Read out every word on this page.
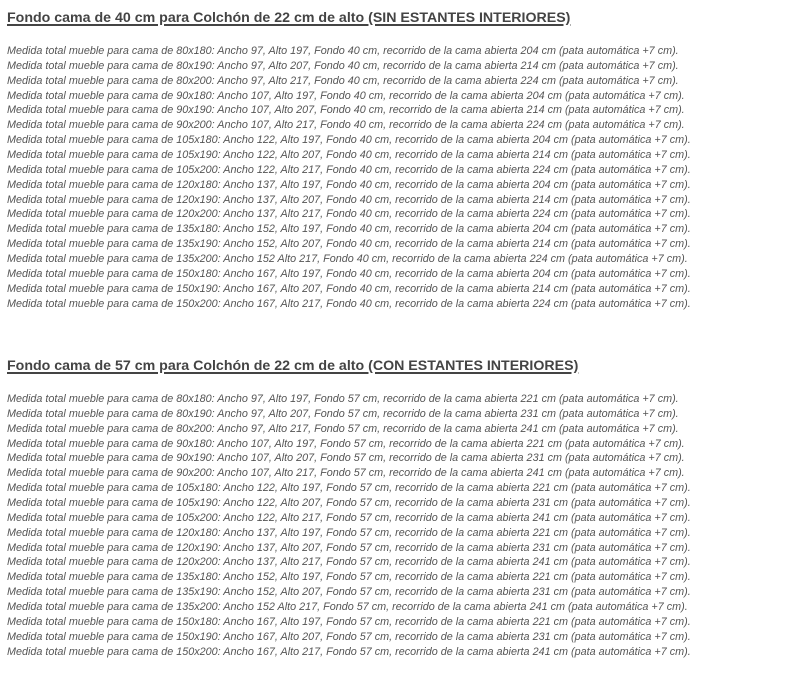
Fondo cama de 40 cm para Colchón de 22 cm de alto (SIN ESTANTES INTERIORES)

Medida total mueble para cama de 80x180: Ancho 97, Alto 197, Fondo 40 cm, recorrido de la cama abierta 204 cm (pata automática +7 cm).

Medida total mueble para cama de 80x190: Ancho 97, Alto 207, Fondo 40 cm, recorrido de la cama abierta 214 cm (pata automática +7 cm).

Medida total mueble para cama de 80x200: Ancho 97, Alto 217, Fondo 40 cm, recorrido de la cama abierta 224 cm (pata automática +7 cm).

Medida total mueble para cama de 90x180: Ancho 107, Alto 197, Fondo 40 cm, recorrido de la cama abierta 204 cm (pata automática +7 cm).

Medida total mueble para cama de 90x190: Ancho 107, Alto 207, Fondo 40 cm, recorrido de la cama abierta 214 cm (pata automática +7 cm).

Medida total mueble para cama de 90x200: Ancho 107, Alto 217, Fondo 40 cm, recorrido de la cama abierta 224 cm (pata automática +7 cm).

Medida total mueble para cama de 105x180: Ancho 122, Alto 197, Fondo 40 cm, recorrido de la cama abierta 204 cm (pata automática +7 cm).

Medida total mueble para cama de 105x190: Ancho 122, Alto 207, Fondo 40 cm, recorrido de la cama abierta 214 cm (pata automática +7 cm).

Medida total mueble para cama de 105x200: Ancho 122, Alto 217, Fondo 40 cm, recorrido de la cama abierta 224 cm (pata automática +7 cm).

Medida total mueble para cama de 120x180: Ancho 137, Alto 197, Fondo 40 cm, recorrido de la cama abierta 204 cm (pata automática +7 cm).

Medida total mueble para cama de 120x190: Ancho 137, Alto 207, Fondo 40 cm, recorrido de la cama abierta 214 cm (pata automática +7 cm).

Medida total mueble para cama de 120x200: Ancho 137, Alto 217, Fondo 40 cm, recorrido de la cama abierta 224 cm (pata automática +7 cm).

Medida total mueble para cama de 135x180: Ancho 152, Alto 197, Fondo 40 cm, recorrido de la cama abierta 204 cm (pata automática +7 cm).

Medida total mueble para cama de 135x190: Ancho 152, Alto 207, Fondo 40 cm, recorrido de la cama abierta 214 cm (pata automática +7 cm).

Medida total mueble para cama de 135x200: Ancho 152 Alto 217, Fondo 40 cm, recorrido de la cama abierta 224 cm (pata automática +7 cm).

Medida total mueble para cama de 150x180: Ancho 167, Alto 197, Fondo 40 cm, recorrido de la cama abierta 204 cm (pata automática +7 cm).

Medida total mueble para cama de 150x190: Ancho 167, Alto 207, Fondo 40 cm, recorrido de la cama abierta 214 cm (pata automática +7 cm).

Medida total mueble para cama de 150x200: Ancho 167, Alto 217, Fondo 40 cm, recorrido de la cama abierta 224 cm (pata automática +7 cm).

Fondo cama de 57 cm para Colchón de 22 cm de alto (CON ESTANTES INTERIORES)

Medida total mueble para cama de 80x180: Ancho 97, Alto 197, Fondo 57 cm, recorrido de la cama abierta 221 cm (pata automática +7 cm).

Medida total mueble para cama de 80x190: Ancho 97, Alto 207, Fondo 57 cm, recorrido de la cama abierta 231 cm (pata automática +7 cm).

Medida total mueble para cama de 80x200: Ancho 97, Alto 217, Fondo 57 cm, recorrido de la cama abierta 241 cm (pata automática +7 cm).

Medida total mueble para cama de 90x180: Ancho 107, Alto 197, Fondo 57 cm, recorrido de la cama abierta 221 cm (pata automática +7 cm).

Medida total mueble para cama de 90x190: Ancho 107, Alto 207, Fondo 57 cm, recorrido de la cama abierta 231 cm (pata automática +7 cm).

Medida total mueble para cama de 90x200: Ancho 107, Alto 217, Fondo 57 cm, recorrido de la cama abierta 241 cm (pata automática +7 cm).

Medida total mueble para cama de 105x180: Ancho 122, Alto 197, Fondo 57 cm, recorrido de la cama abierta 221 cm (pata automática +7 cm).

Medida total mueble para cama de 105x190: Ancho 122, Alto 207, Fondo 57 cm, recorrido de la cama abierta 231 cm (pata automática +7 cm).

Medida total mueble para cama de 105x200: Ancho 122, Alto 217, Fondo 57 cm, recorrido de la cama abierta 241 cm (pata automática +7 cm).

Medida total mueble para cama de 120x180: Ancho 137, Alto 197, Fondo 57 cm, recorrido de la cama abierta 221 cm (pata automática +7 cm).

Medida total mueble para cama de 120x190: Ancho 137, Alto 207, Fondo 57 cm, recorrido de la cama abierta 231 cm (pata automática +7 cm).

Medida total mueble para cama de 120x200: Ancho 137, Alto 217, Fondo 57 cm, recorrido de la cama abierta 241 cm (pata automática +7 cm).

Medida total mueble para cama de 135x180: Ancho 152, Alto 197, Fondo 57 cm, recorrido de la cama abierta 221 cm (pata automática +7 cm).

Medida total mueble para cama de 135x190: Ancho 152, Alto 207, Fondo 57 cm, recorrido de la cama abierta 231 cm (pata automática +7 cm).

Medida total mueble para cama de 135x200: Ancho 152 Alto 217, Fondo 57 cm, recorrido de la cama abierta 241 cm (pata automática +7 cm).

Medida total mueble para cama de 150x180: Ancho 167, Alto 197, Fondo 57 cm, recorrido de la cama abierta 221 cm (pata automática +7 cm).

Medida total mueble para cama de 150x190: Ancho 167, Alto 207, Fondo 57 cm, recorrido de la cama abierta 231 cm (pata automática +7 cm).

Medida total mueble para cama de 150x200: Ancho 167, Alto 217, Fondo 57 cm, recorrido de la cama abierta 241 cm (pata automática +7 cm).
